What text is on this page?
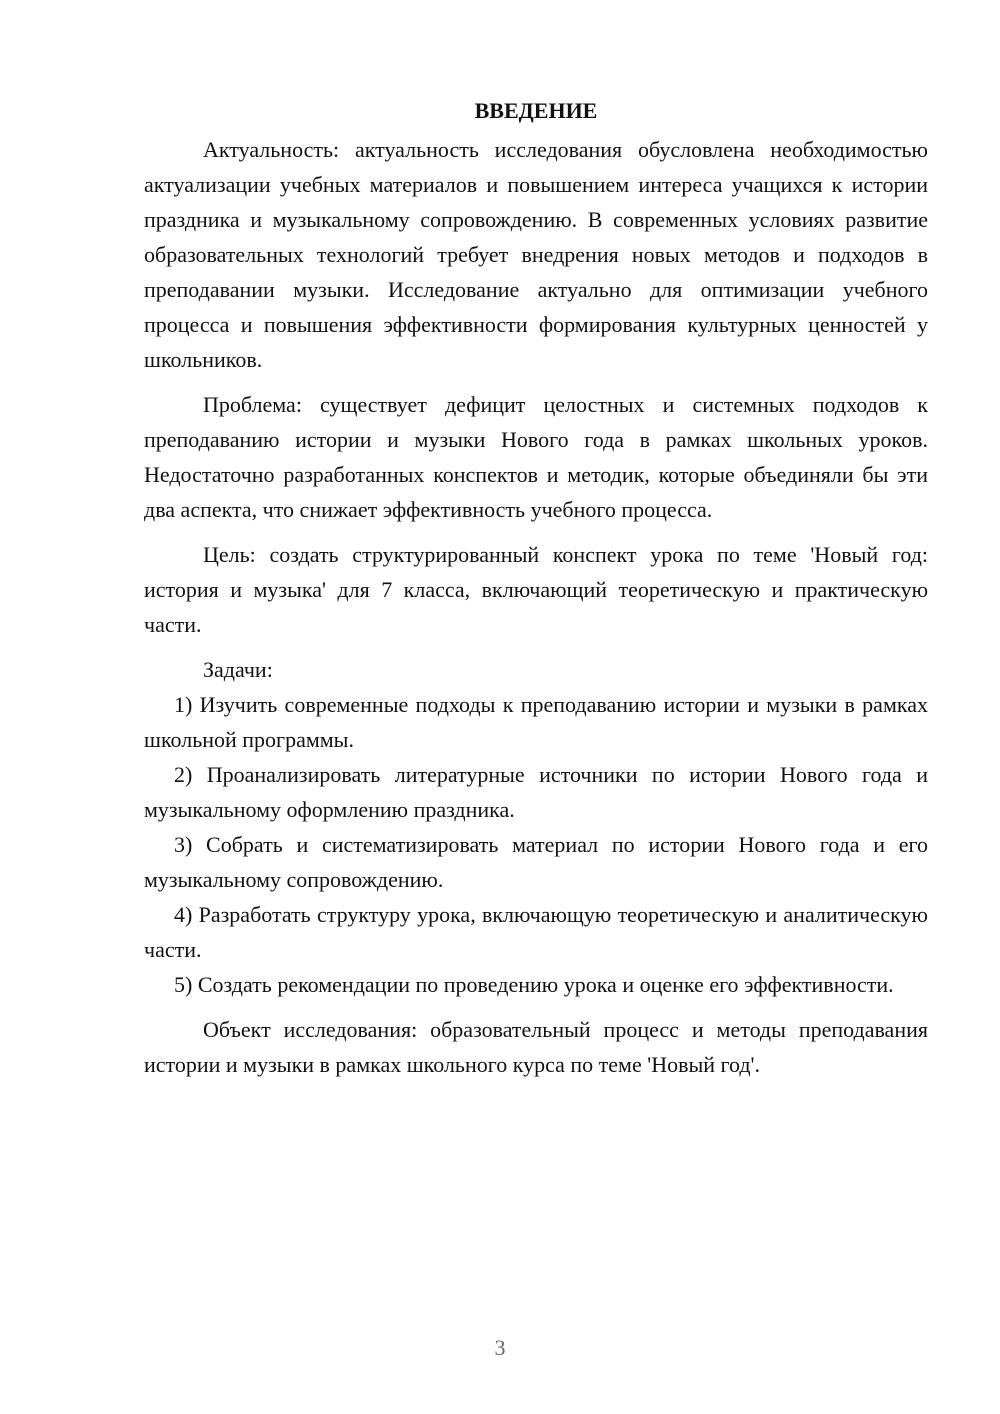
ВВЕДЕНИЕ

Актуальность: актуальность исследования обусловлена необходимостью актуализации учебных материалов и повышением интереса учащихся к истории праздника и музыкальному сопровождению. В современных условиях развитие образовательных технологий требует внедрения новых методов и подходов в преподавании музыки. Исследование актуально для оптимизации учебного процесса и повышения эффективности формирования культурных ценностей у школьников.

Проблема: существует дефицит целостных и системных подходов к преподаванию истории и музыки Нового года в рамках школьных уроков. Недостаточно разработанных конспектов и методик, которые объединяли бы эти два аспекта, что снижает эффективность учебного процесса.

Цель: создать структурированный конспект урока по теме 'Новый год: история и музыка' для 7 класса, включающий теоретическую и практическую части.

Задачи:

1) Изучить современные подходы к преподаванию истории и музыки в рамках школьной программы.

2) Проанализировать литературные источники по истории Нового года и музыкальному оформлению праздника.

3) Собрать и систематизировать материал по истории Нового года и его музыкальному сопровождению.

4) Разработать структуру урока, включающую теоретическую и аналитическую части.

5) Создать рекомендации по проведению урока и оценке его эффективности.

Объект исследования: образовательный процесс и методы преподавания истории и музыки в рамках школьного курса по теме 'Новый год'.

3
